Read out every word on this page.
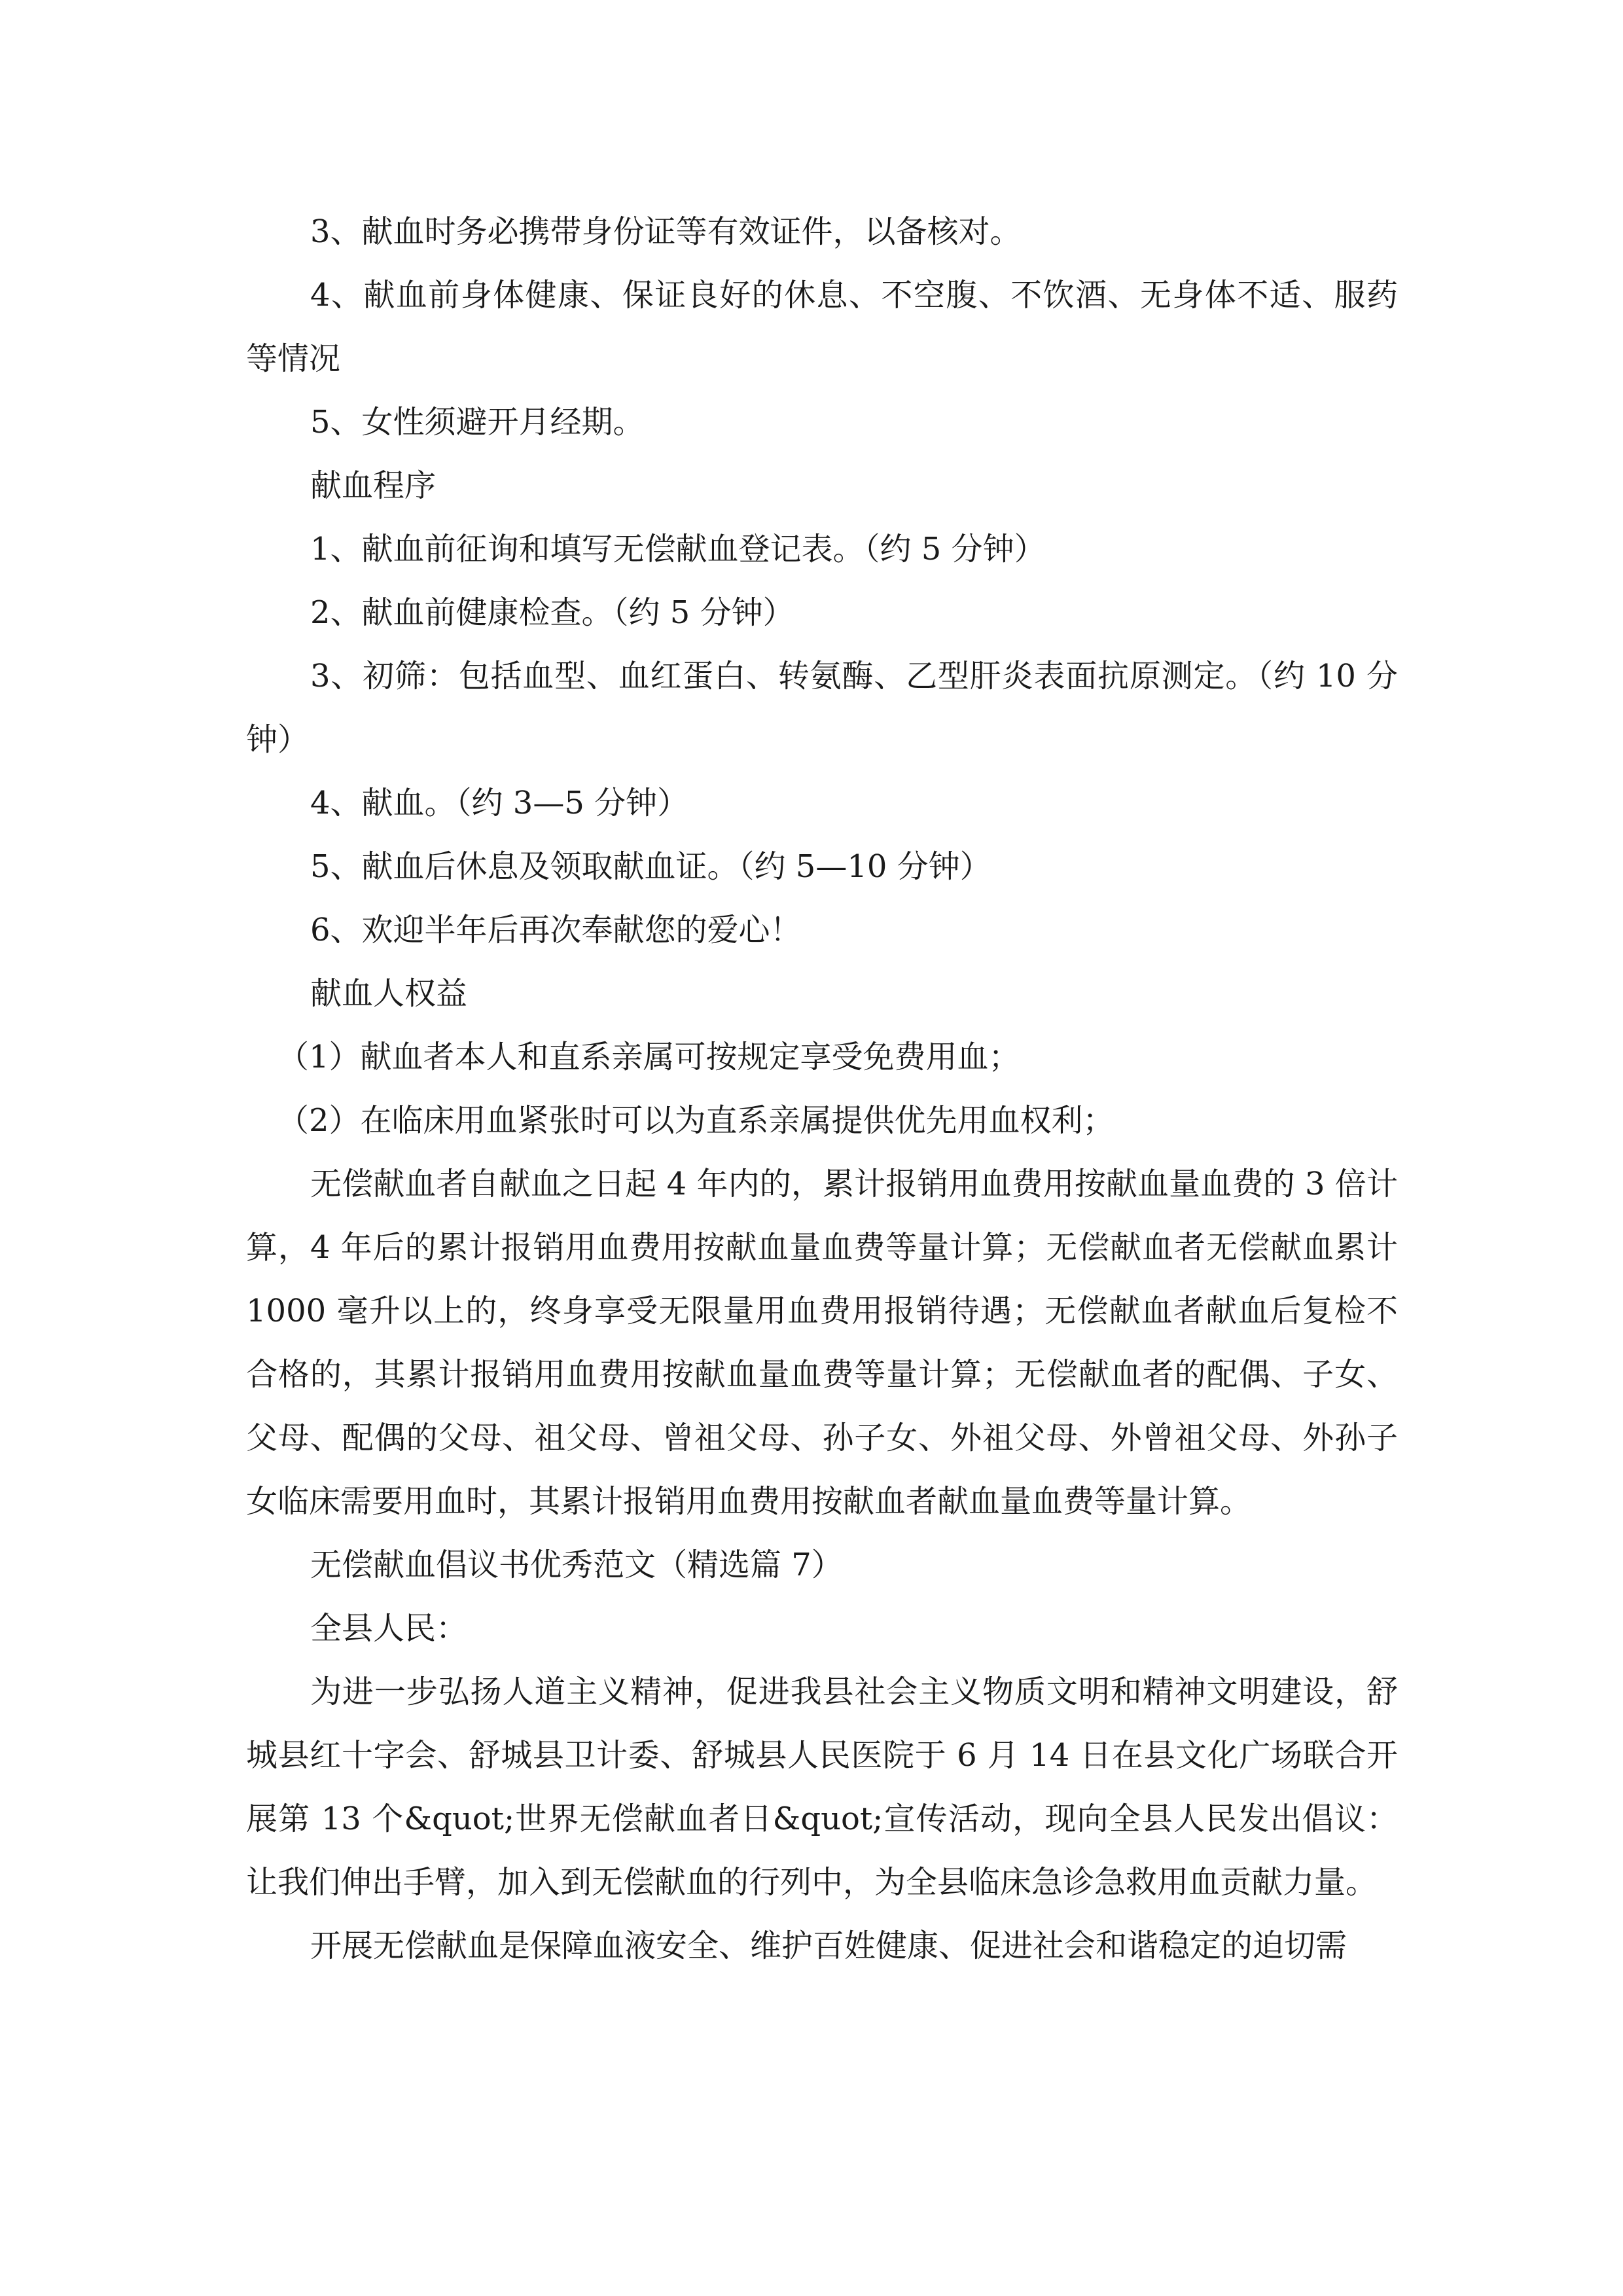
3、献血时务必携带身份证等有效证件，以备核对。

4、献血前身体健康、保证良好的休息、不空腹、不饮酒、无身体不适、服药等情况

5、女性须避开月经期。

献血程序

1、献血前征询和填写无偿献血登记表。（约 5 分钟）

2、献血前健康检查。（约 5 分钟）

3、初筛：包括血型、血红蛋白、转氨酶、乙型肝炎表面抗原测定。（约 10 分钟）

4、献血。（约 3—5 分钟）

5、献血后休息及领取献血证。（约 5—10 分钟）

6、欢迎半年后再次奉献您的爱心！

献血人权益

（1）献血者本人和直系亲属可按规定享受免费用血；

（2）在临床用血紧张时可以为直系亲属提供优先用血权利；

无偿献血者自献血之日起 4 年内的，累计报销用血费用按献血量血费的 3 倍计算，4 年后的累计报销用血费用按献血量血费等量计算；无偿献血者无偿献血累计 1000 毫升以上的，终身享受无限量用血费用报销待遇；无偿献血者献血后复检不合格的，其累计报销用血费用按献血量血费等量计算；无偿献血者的配偶、子女、父母、配偶的父母、祖父母、曾祖父母、孙子女、外祖父母、外曾祖父母、外孙子女临床需要用血时，其累计报销用血费用按献血者献血量血费等量计算。

无偿献血倡议书优秀范文（精选篇 7）

全县人民：

为进一步弘扬人道主义精神，促进我县社会主义物质文明和精神文明建设，舒城县红十字会、舒城县卫计委、舒城县人民医院于 6 月 14 日在县文化广场联合开展第 13 个&quot;世界无偿献血者日&quot;宣传活动，现向全县人民发出倡议：让我们伸出手臂，加入到无偿献血的行列中，为全县临床急诊急救用血贡献力量。

开展无偿献血是保障血液安全、维护百姓健康、促进社会和谐稳定的迫切需
